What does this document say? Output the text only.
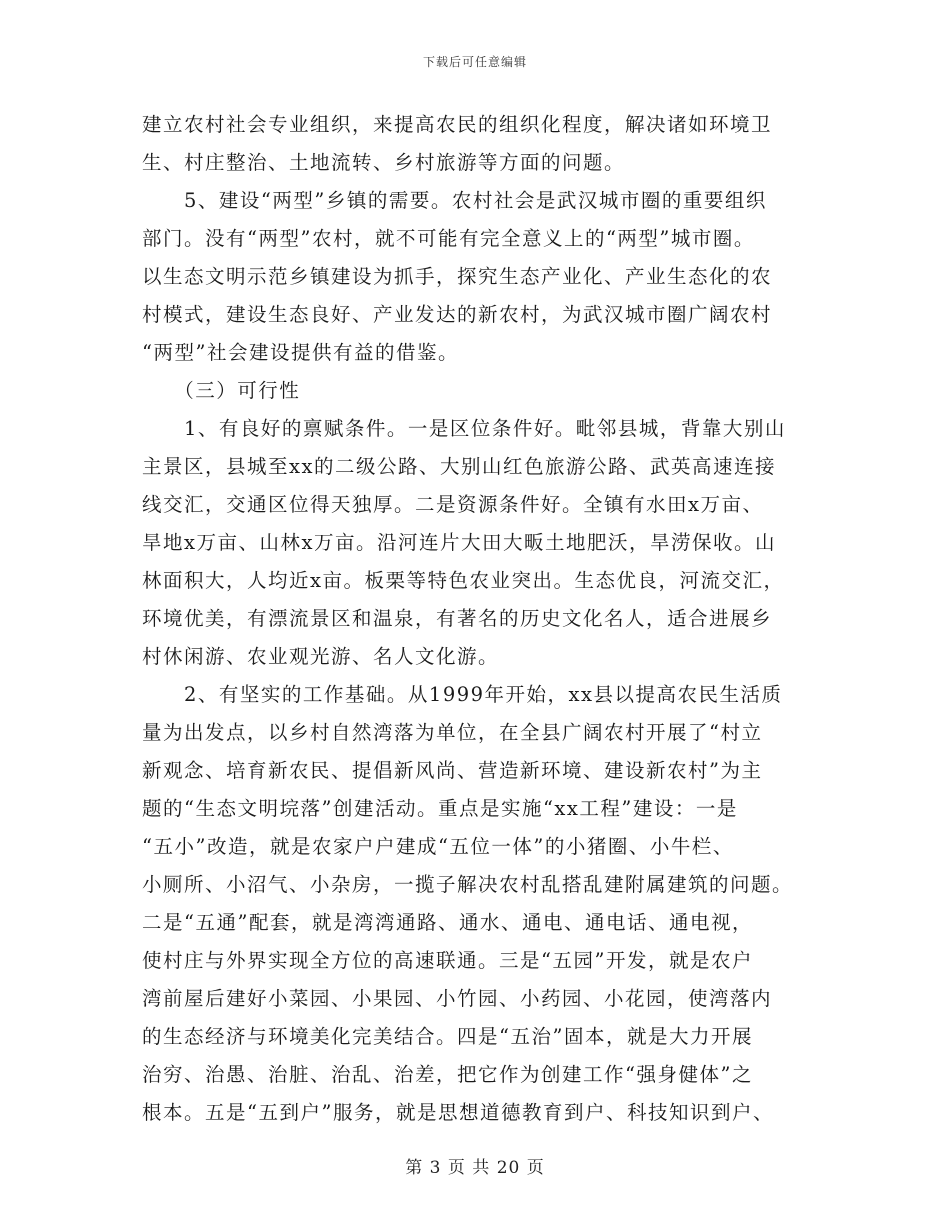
下载后可任意编辑
建立农村社会专业组织，来提高农民的组织化程度，解决诸如环境卫
生、村庄整治、土地流转、乡村旅游等方面的问题。
　　5、建设“两型”乡镇的需要。农村社会是武汉城市圈的重要组织
部门。没有“两型”农村，就不可能有完全意义上的“两型”城市圈。
以生态文明示范乡镇建设为抓手，探究生态产业化、产业生态化的农
村模式，建设生态良好、产业发达的新农村，为武汉城市圈广阔农村
“两型”社会建设提供有益的借鉴。
　　（三）可行性
　　1、有良好的禀赋条件。一是区位条件好。毗邻县城，背靠大别山
主景区，县城至xx的二级公路、大别山红色旅游公路、武英高速连接
线交汇，交通区位得天独厚。二是资源条件好。全镇有水田x万亩、
旱地x万亩、山林x万亩。沿河连片大田大畈土地肥沃，旱涝保收。山
林面积大，人均近x亩。板栗等特色农业突出。生态优良，河流交汇，
环境优美，有漂流景区和温泉，有著名的历史文化名人，适合进展乡
村休闲游、农业观光游、名人文化游。
　　2、有坚实的工作基础。从1999年开始，xx县以提高农民生活质
量为出发点，以乡村自然湾落为单位，在全县广阔农村开展了“村立
新观念、培育新农民、提倡新风尚、营造新环境、建设新农村”为主
题的“生态文明垸落”创建活动。重点是实施“xx工程”建设：一是
“五小”改造，就是农家户户建成“五位一体”的小猪圈、小牛栏、
小厕所、小沼气、小杂房，一揽子解决农村乱搭乱建附属建筑的问题。
二是“五通”配套，就是湾湾通路、通水、通电、通电话、通电视，
使村庄与外界实现全方位的高速联通。三是“五园”开发，就是农户
湾前屋后建好小菜园、小果园、小竹园、小药园、小花园，使湾落内
的生态经济与环境美化完美结合。四是“五治”固本，就是大力开展
治穷、治愚、治脏、治乱、治差，把它作为创建工作“强身健体”之
根本。五是“五到户”服务，就是思想道德教育到户、科技知识到户、
第 3 页 共 20 页
